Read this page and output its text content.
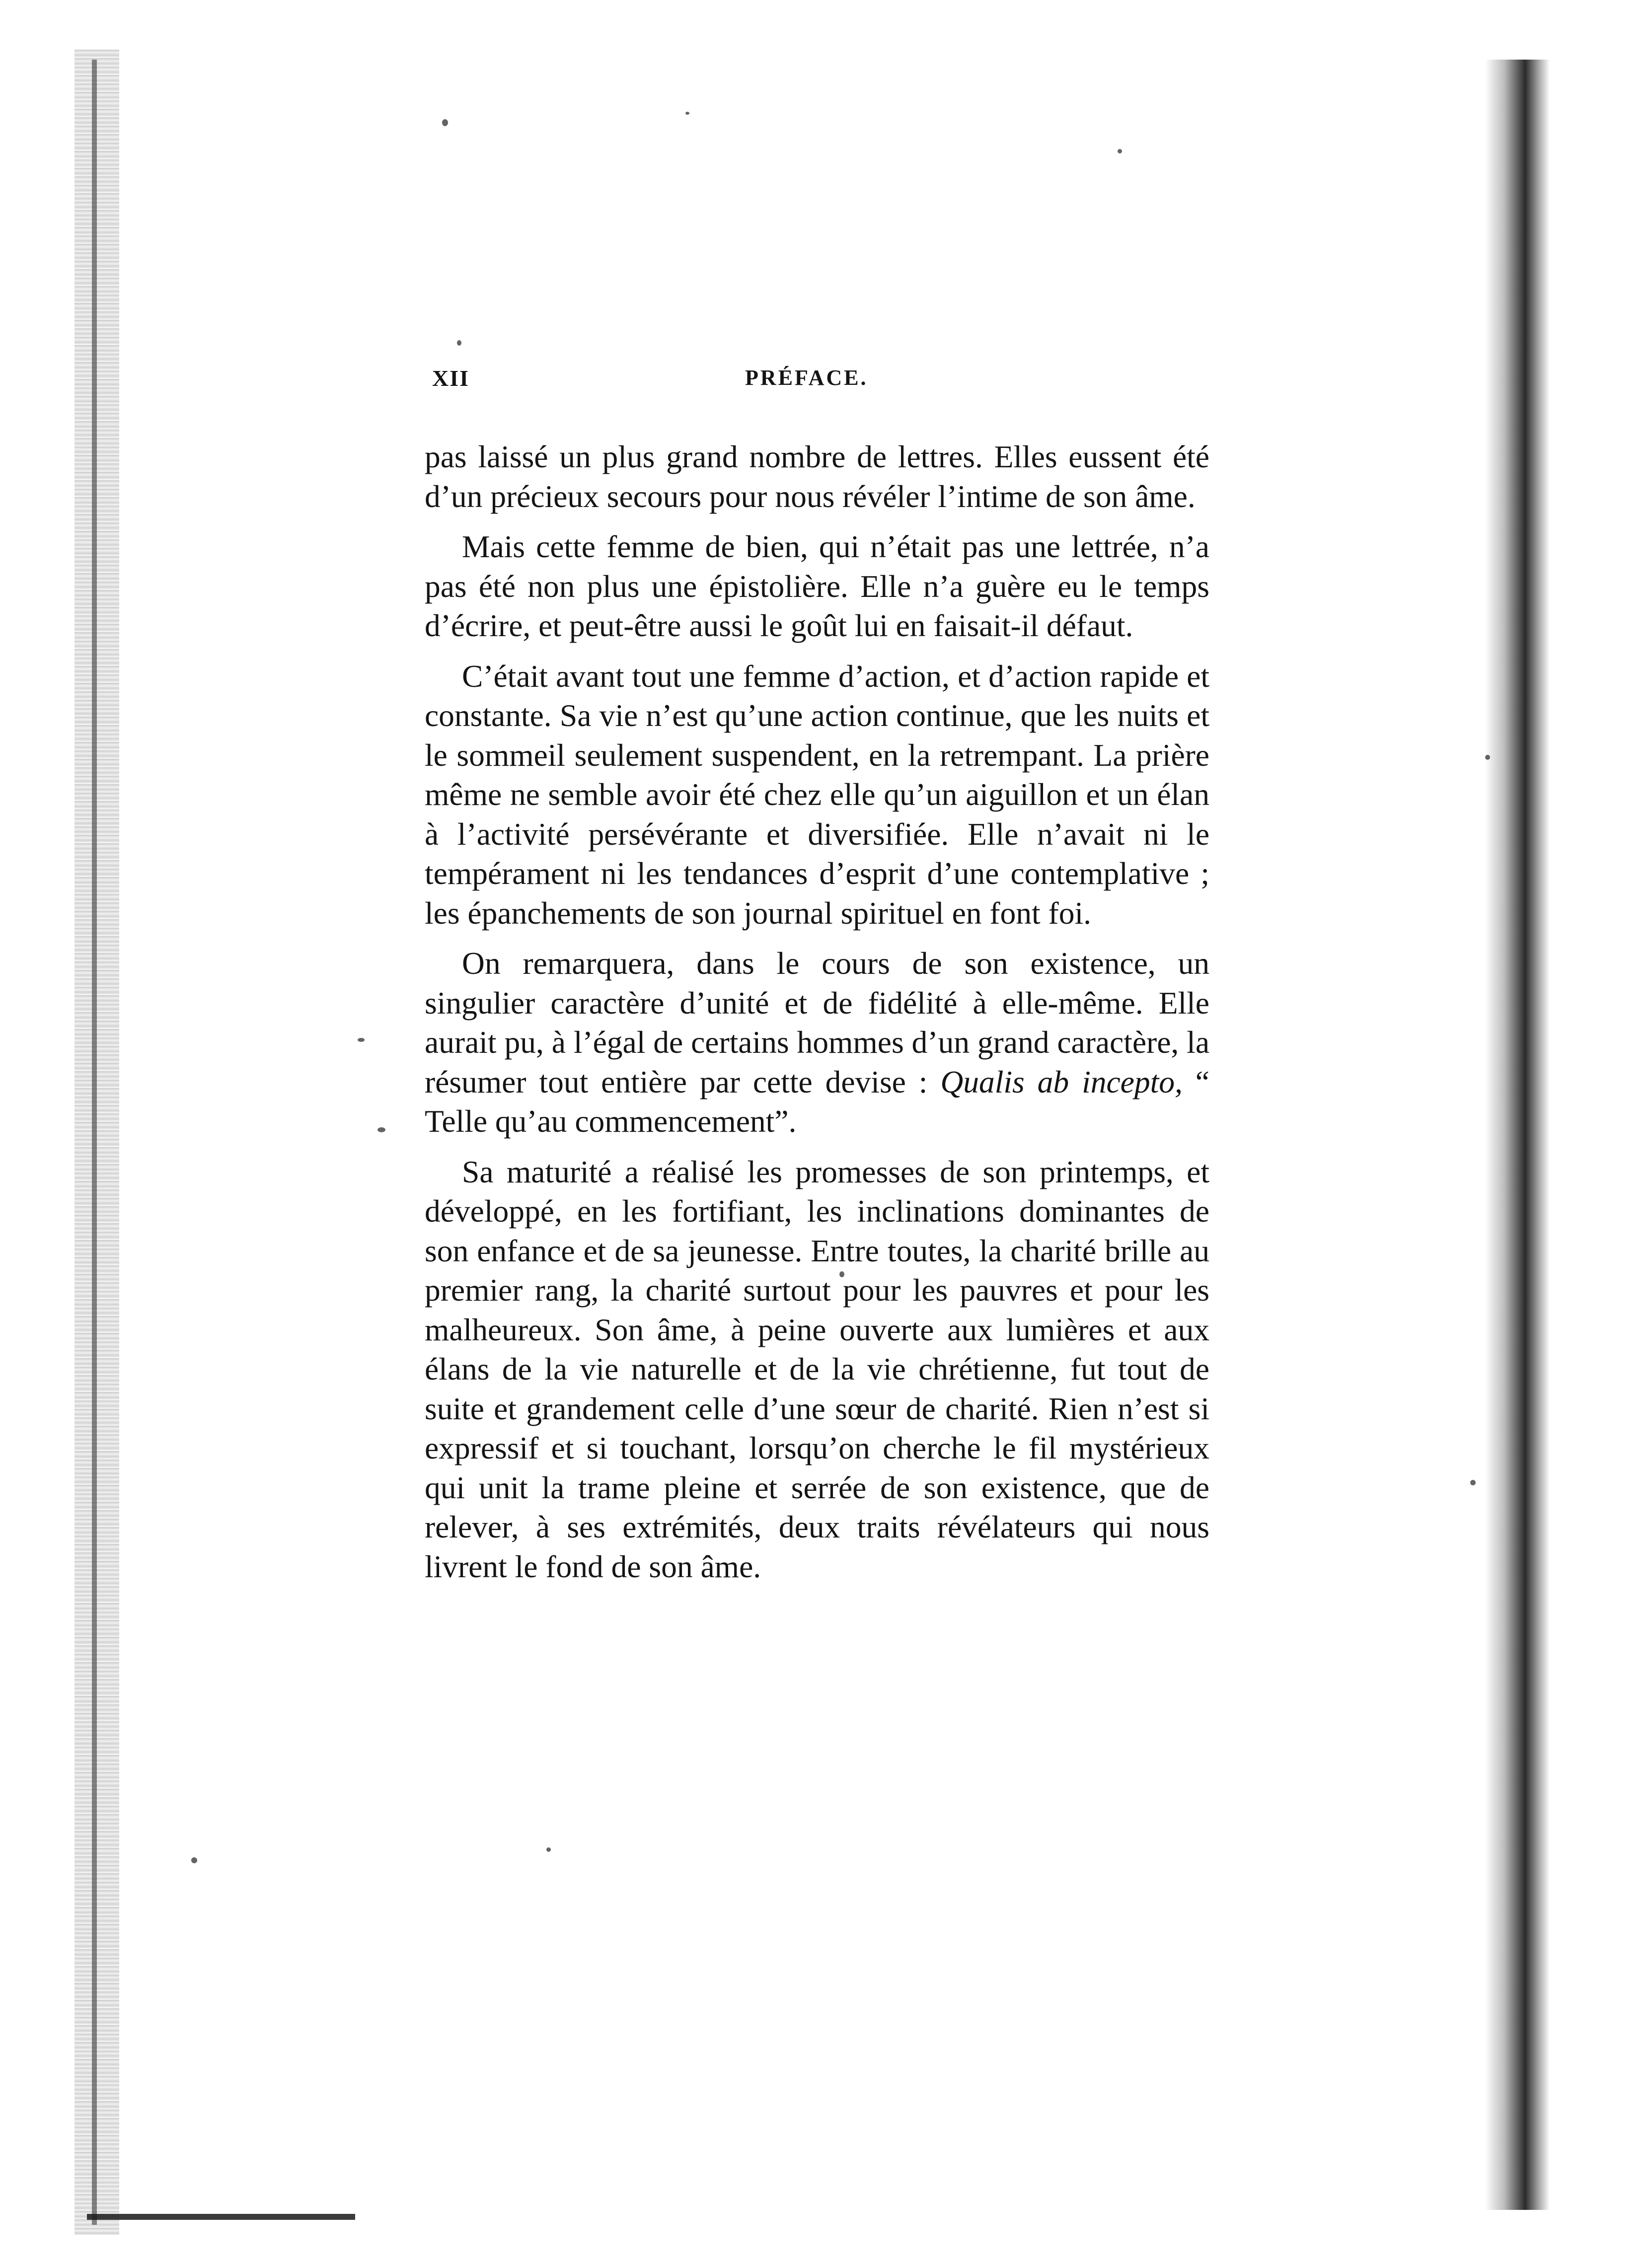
XII	PRÉFACE.

pas laissé un plus grand nombre de lettres. Elles eussent été d’un précieux secours pour nous révéler l’intime de son âme.

Mais cette femme de bien, qui n’était pas une lettrée, n’a pas été non plus une épistolière. Elle n’a guère eu le temps d’écrire, et peut-être aussi le goût lui en faisait-il défaut.

C’était avant tout une femme d’action, et d’action rapide et constante. Sa vie n’est qu’une action continue, que les nuits et le sommeil seulement suspendent, en la retrempant. La prière même ne semble avoir été chez elle qu’un aiguillon et un élan à l’activité persévérante et diversifiée. Elle n’avait ni le tempérament ni les tendances d’esprit d’une contemplative ; les épanchements de son journal spirituel en font foi.

On remarquera, dans le cours de son existence, un singulier caractère d’unité et de fidélité à elle-même. Elle aurait pu, à l’égal de certains hommes d’un grand caractère, la résumer tout entière par cette devise : Qualis ab incepto, “ Telle qu’au commencement”.

Sa maturité a réalisé les promesses de son printemps, et développé, en les fortifiant, les inclinations dominantes de son enfance et de sa jeunesse. Entre toutes, la charité brille au premier rang, la charité surtout pour les pauvres et pour les malheureux. Son âme, à peine ouverte aux lumières et aux élans de la vie naturelle et de la vie chrétienne, fut tout de suite et grandement celle d’une sœur de charité. Rien n’est si expressif et si touchant, lorsqu’on cherche le fil mystérieux qui unit la trame pleine et serrée de son existence, que de relever, à ses extrémités, deux traits révélateurs qui nous livrent le fond de son âme.
